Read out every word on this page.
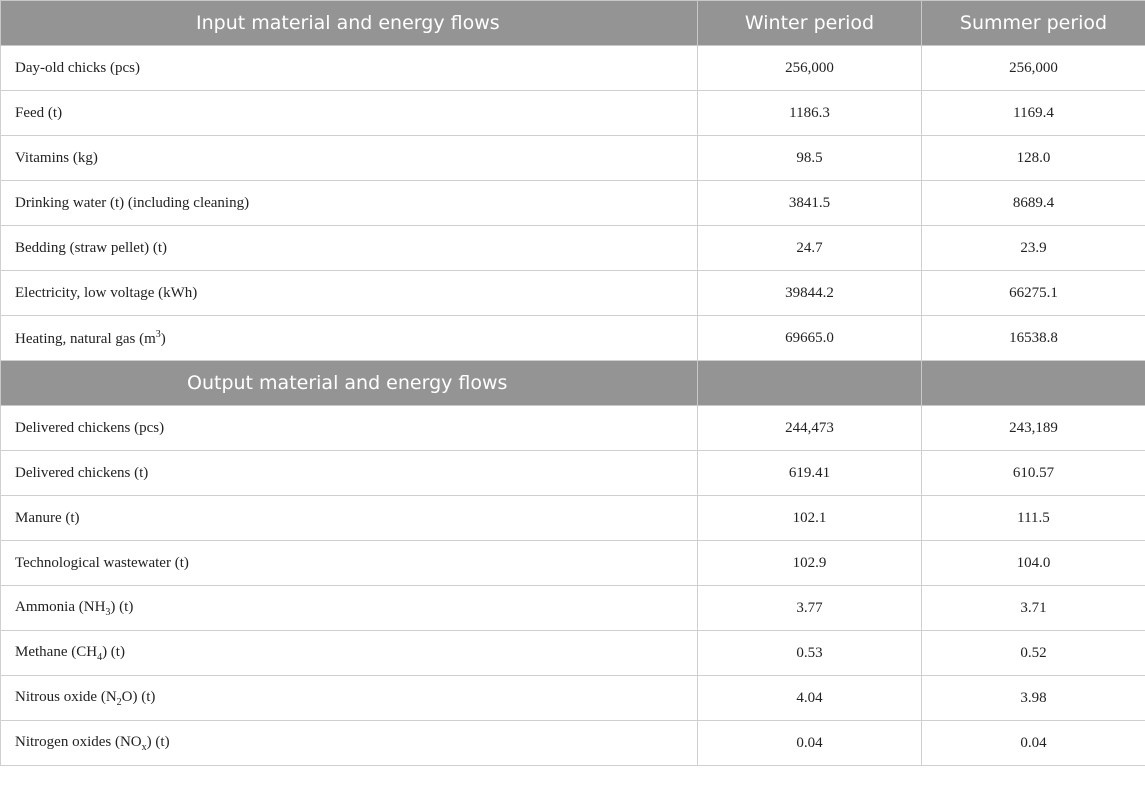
Input material and energy flows	Winter period	Summer period
Day-old chicks (pcs)	256,000	256,000
Feed (t)	1186.3	1169.4
Vitamins (kg)	98.5	128.0
Drinking water (t) (including cleaning)	3841.5	8689.4
Bedding (straw pellet) (t)	24.7	23.9
Electricity, low voltage (kWh)	39844.2	66275.1
Heating, natural gas $(m^3)$	69665.0	16538.8
Output material and energy flows		
Delivered chickens (pcs)	244,473	243,189
Delivered chickens (t)	619.41	610.57
Manure (t)	102.1	111.5
Technological wastewater (t)	102.9	104.0
Ammonia $(NH_3)$ (t)	3.77	3.71
Methane $(CH_4)$ (t)	0.53	0.52
Nitrous oxide $(N_2O)$ (t)	4.04	3.98
Nitrogen oxides $(NO_x)$ (t)	0.04	0.04
